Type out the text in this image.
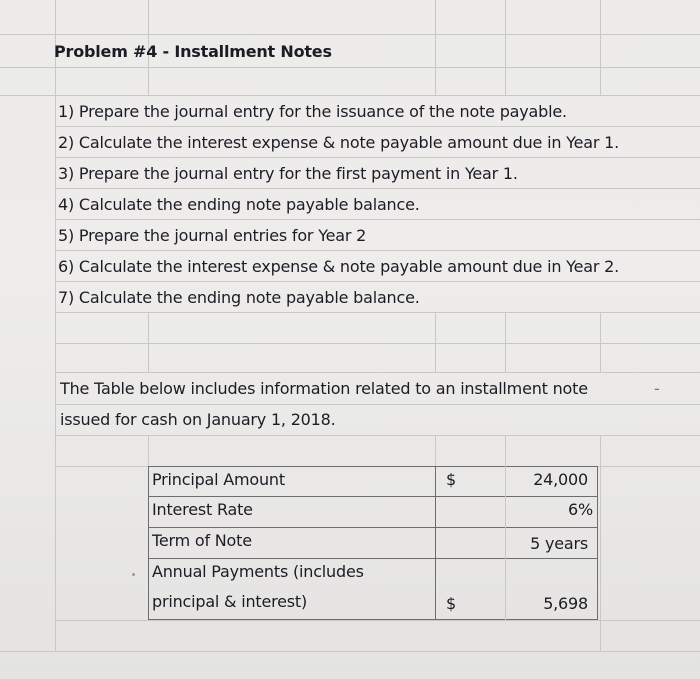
Problem #4 - Installment Notes
1) Prepare the journal entry for the issuance of the note payable.
2) Calculate the interest expense & note payable amount due in Year 1.
3) Prepare the journal entry for the first payment in Year 1.
4) Calculate the ending note payable balance.
5) Prepare the journal entries for Year 2
6) Calculate the interest expense & note payable amount due in Year 2.
7) Calculate the ending note payable balance.
The Table below includes information related to an installment note	-
issued for cash on January 1, 2018.
Principal Amount	$	24,000
Interest Rate	6%
Term of Note	5 years
Annual Payments (includes
principal & interest)	$	5,698
